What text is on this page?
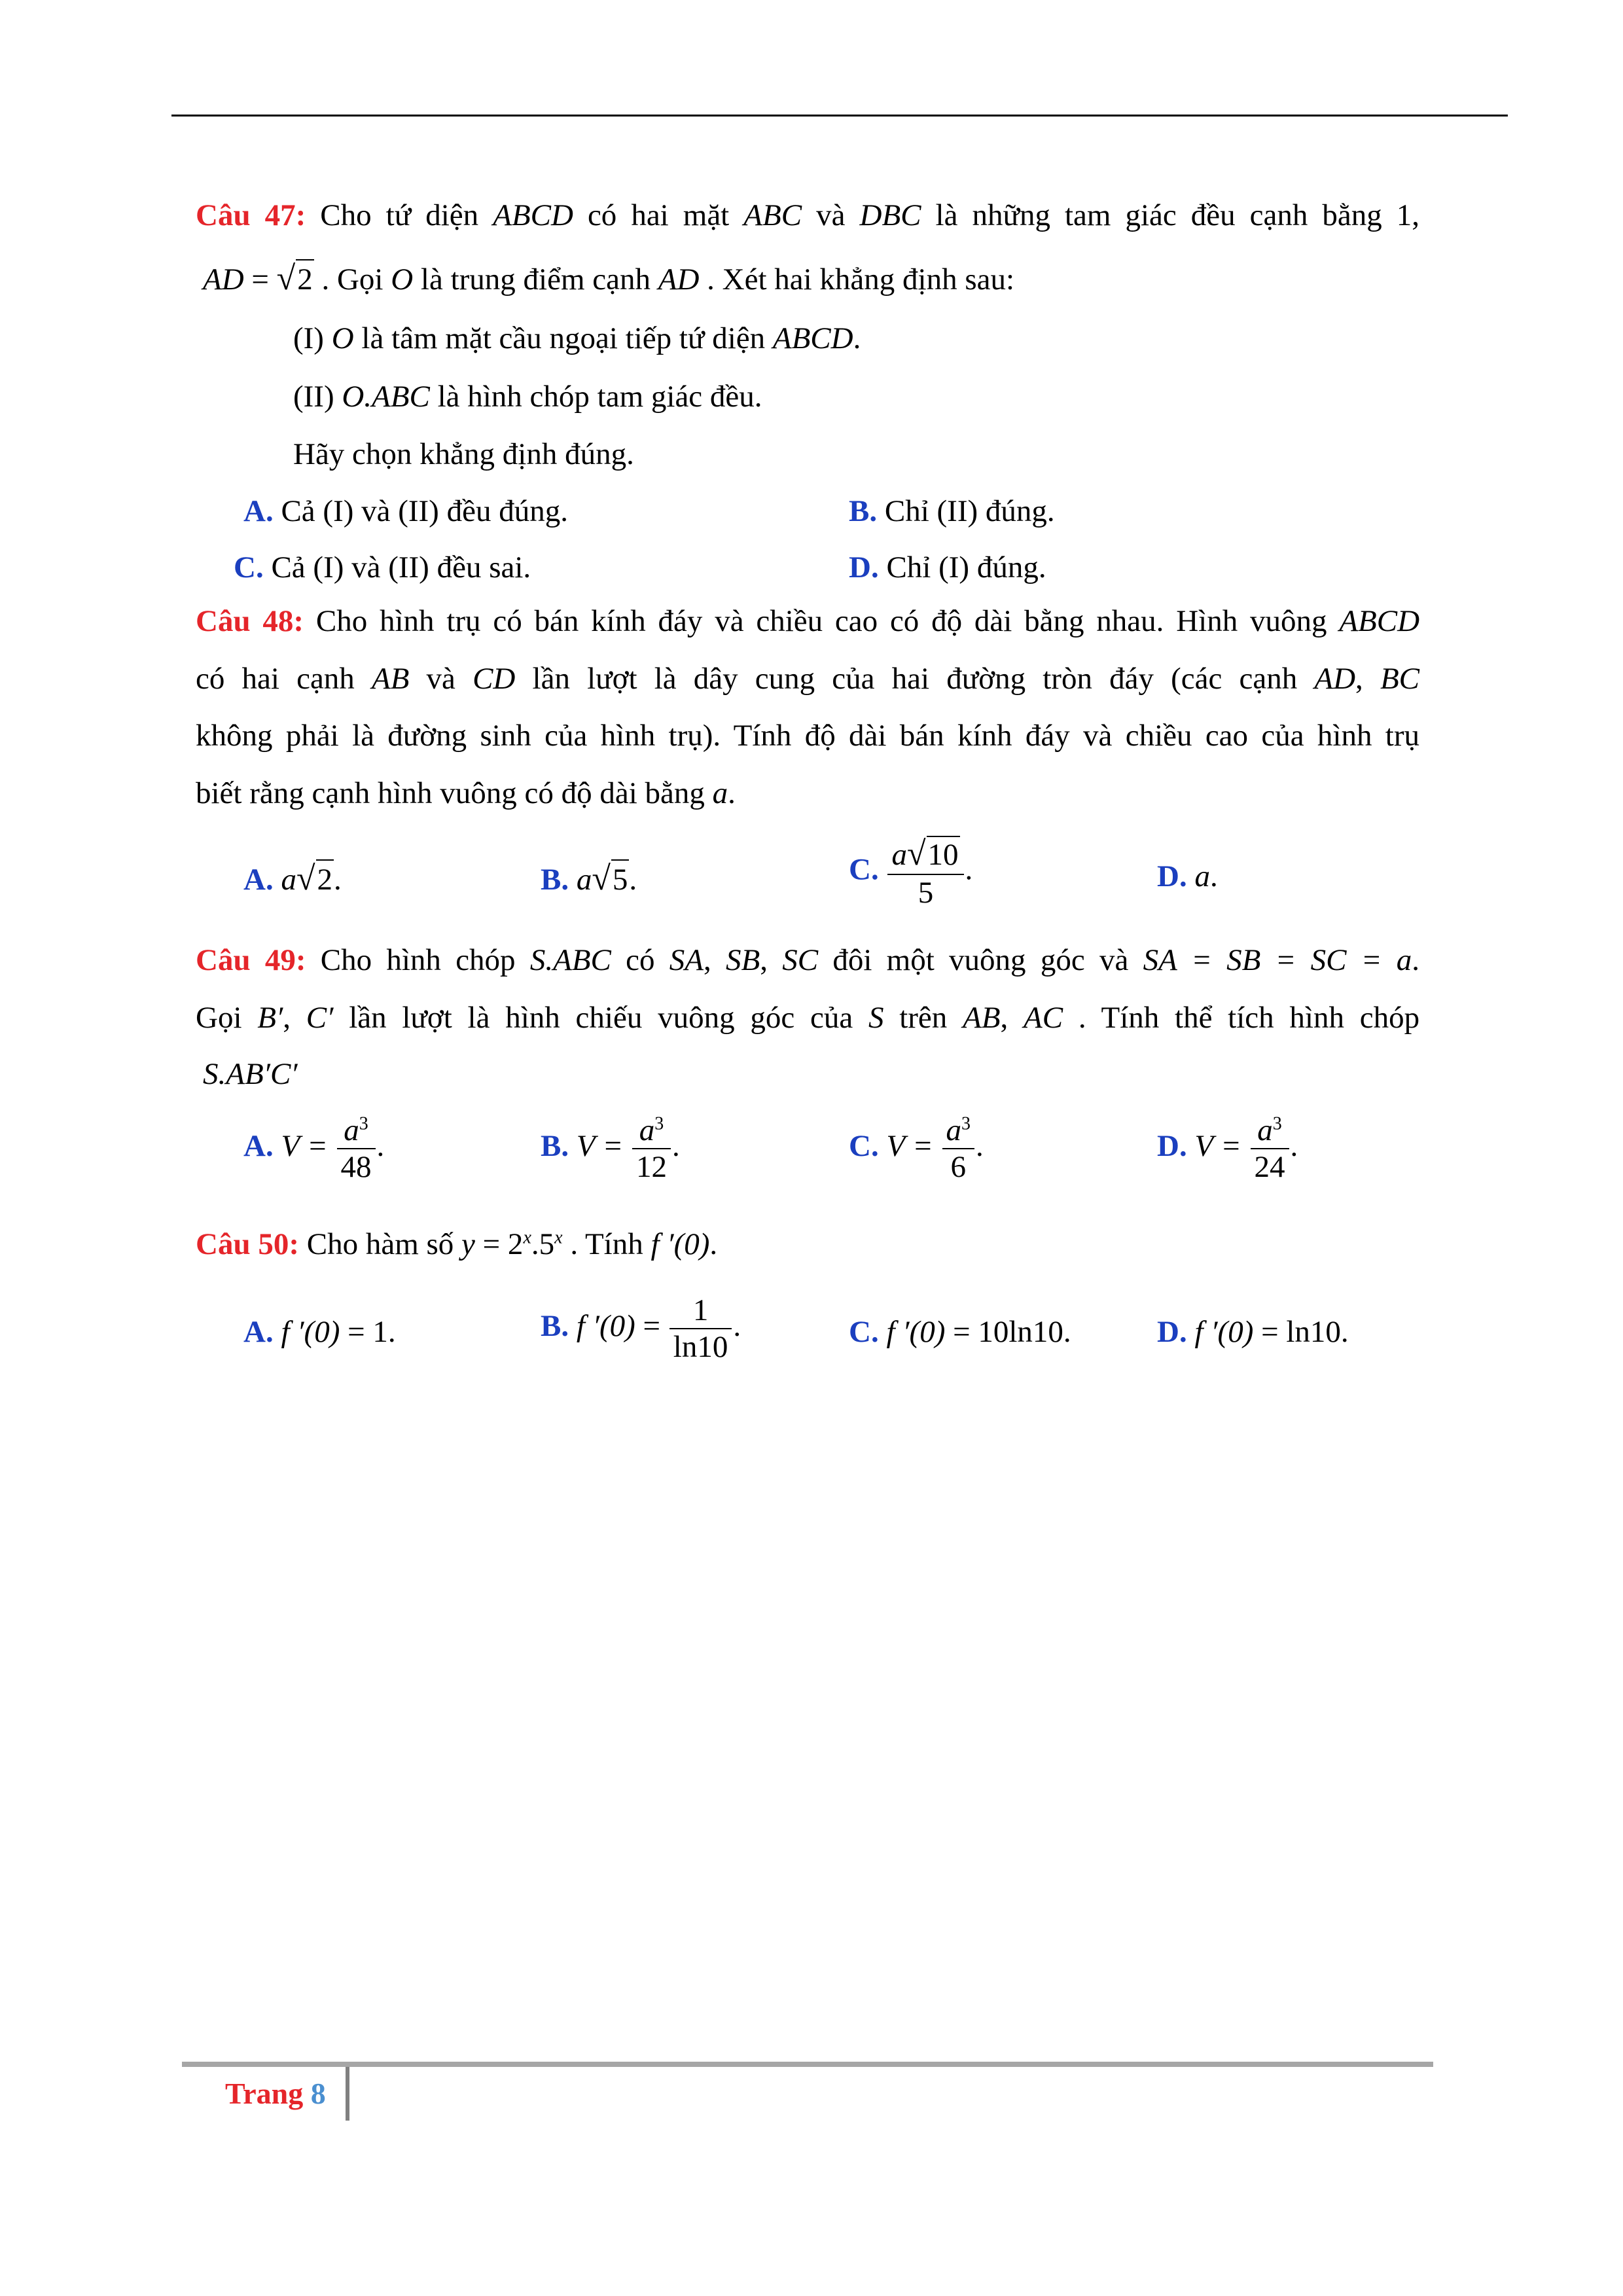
Câu 47: Cho tứ diện ABCD có hai mặt ABC và DBC là những tam giác đều cạnh bằng 1,
AD = √2 . Gọi O là trung điểm cạnh AD . Xét hai khẳng định sau:
(I) O là tâm mặt cầu ngoại tiếp tứ diện ABCD.
(II) O.ABC là hình chóp tam giác đều.
Hãy chọn khẳng định đúng.
A. Cả (I) và (II) đều đúng.	B. Chỉ (II) đúng.
C. Cả (I) và (II) đều sai.	D. Chỉ (I) đúng.
Câu 48: Cho hình trụ có bán kính đáy và chiều cao có độ dài bằng nhau. Hình vuông ABCD
có hai cạnh AB và CD lần lượt là dây cung của hai đường tròn đáy (các cạnh AD, BC
không phải là đường sinh của hình trụ). Tính độ dài bán kính đáy và chiều cao của hình trụ
biết rằng cạnh hình vuông có độ dài bằng a.
A. a√2.	B. a√5.	C. $\frac{a√10}{5}$ .	D. a.
Câu 49: Cho hình chóp S.ABC có SA, SB, SC đôi một vuông góc và SA = SB = SC = a.
Gọi B′, C′ lần lượt là hình chiếu vuông góc của S trên AB, AC . Tính thể tích hình chóp
S.AB′C′
A. $V = \frac{a^3}{48}$ .	B. $V = \frac{a^3}{12}$ .	C. $V = \frac{a^3}{6}$ .	D. $V = \frac{a^3}{24}$ .
Câu 50: Cho hàm số $y = 2^x.5^x$ . Tính f ′(0).
A. f ′(0) = 1.	B. f $'(0) = \frac{1}{\ln 10}$ .	C. f ′(0) = 10ln10.	D. f ′(0) = ln10.
Trang 8
